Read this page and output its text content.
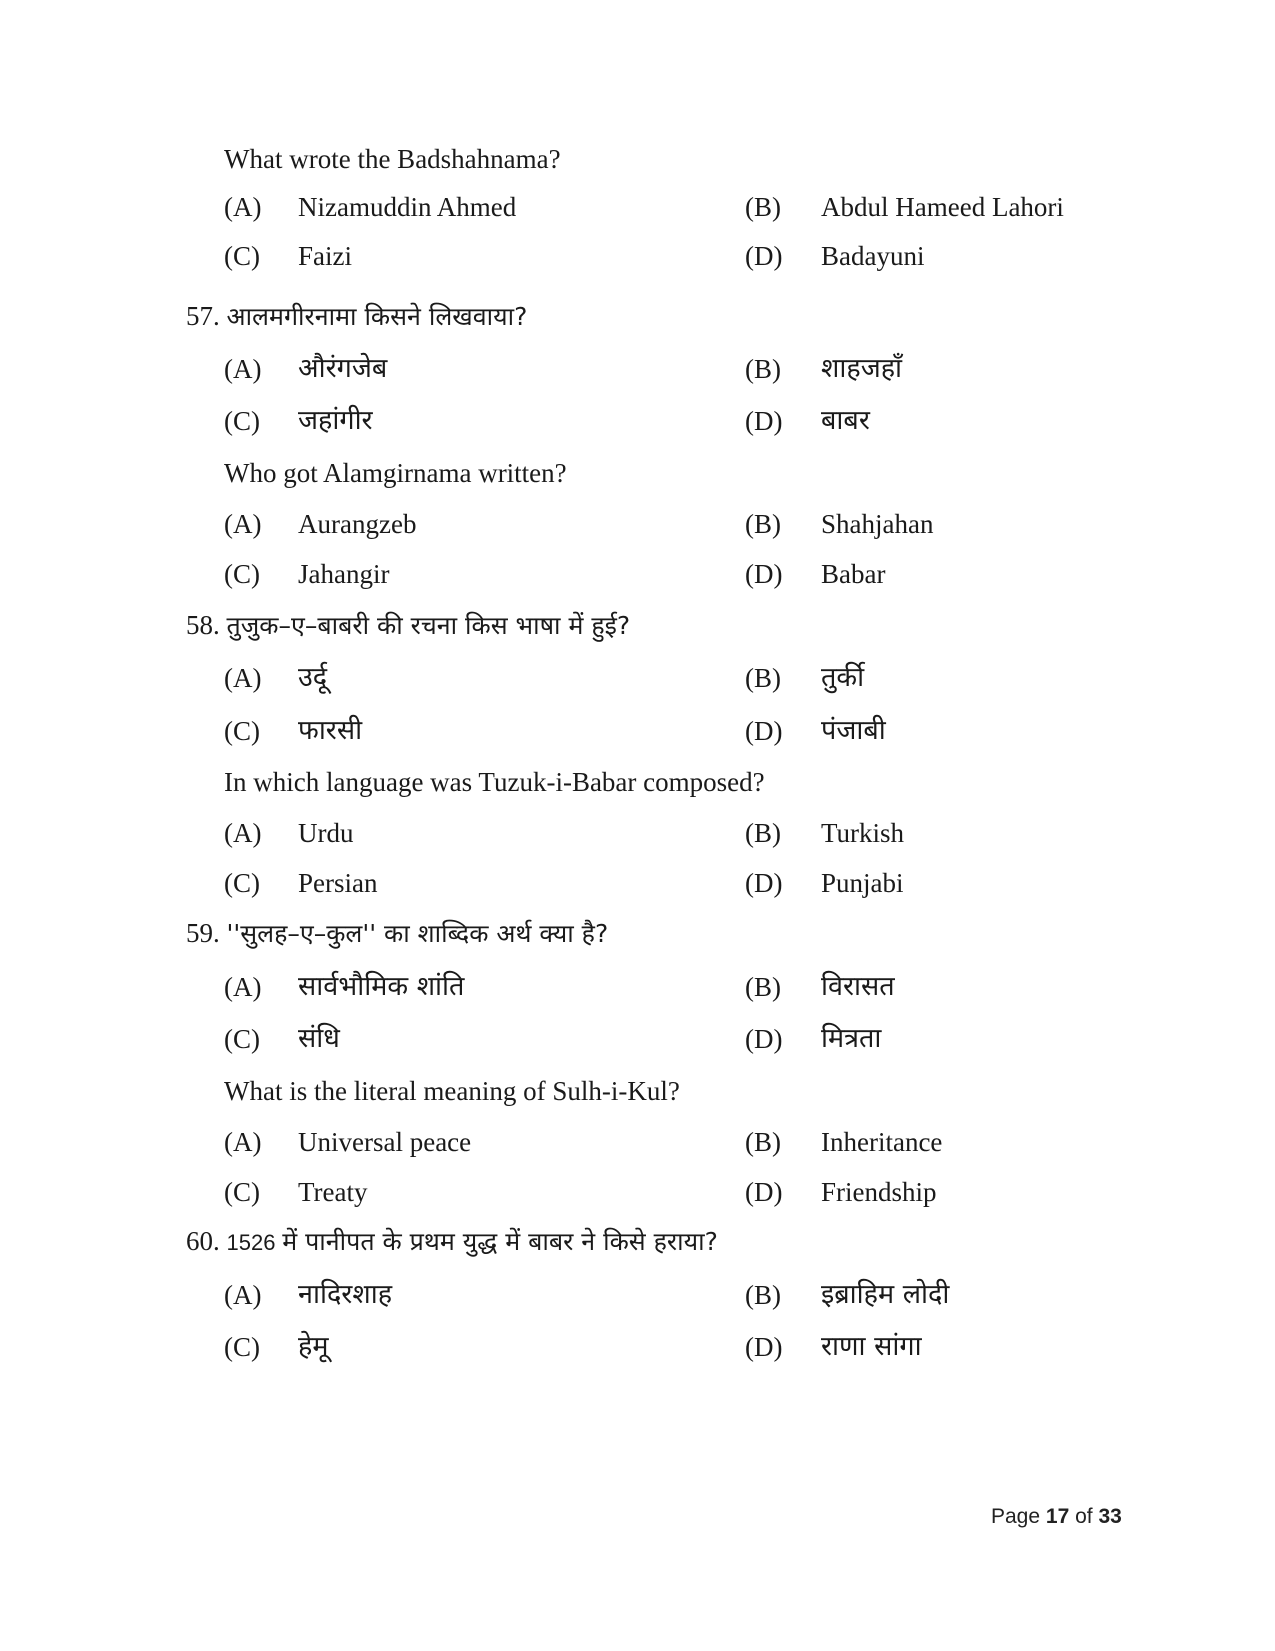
What wrote the Badshahnama?
(A) Nizamuddin Ahmed	(B) Abdul Hameed Lahori
(C) Faizi	(D) Badayuni
57. आलमगीरनामा किसने लिखवाया?
(A) औरंगजेब	(B) शाहजहाँ
(C) जहांगीर	(D) बाबर
Who got Alamgirnama written?
(A) Aurangzeb	(B) Shahjahan
(C) Jahangir	(D) Babar
58. तुजुक–ए–बाबरी की रचना किस भाषा में हुई?
(A) उर्दू	(B) तुर्की
(C) फारसी	(D) पंजाबी
In which language was Tuzuk-i-Babar composed?
(A) Urdu	(B) Turkish
(C) Persian	(D) Punjabi
59. ''सुलह–ए–कुल'' का शाब्दिक अर्थ क्या है?
(A) सार्वभौमिक शांति	(B) विरासत
(C) संधि	(D) मित्रता
What is the literal meaning of Sulh-i-Kul?
(A) Universal peace	(B) Inheritance
(C) Treaty	(D) Friendship
60. 1526 में पानीपत के प्रथम युद्ध में बाबर ने किसे हराया?
(A) नादिरशाह	(B) इब्राहिम लोदी
(C) हेमू	(D) राणा सांगा
Page 17 of 33
